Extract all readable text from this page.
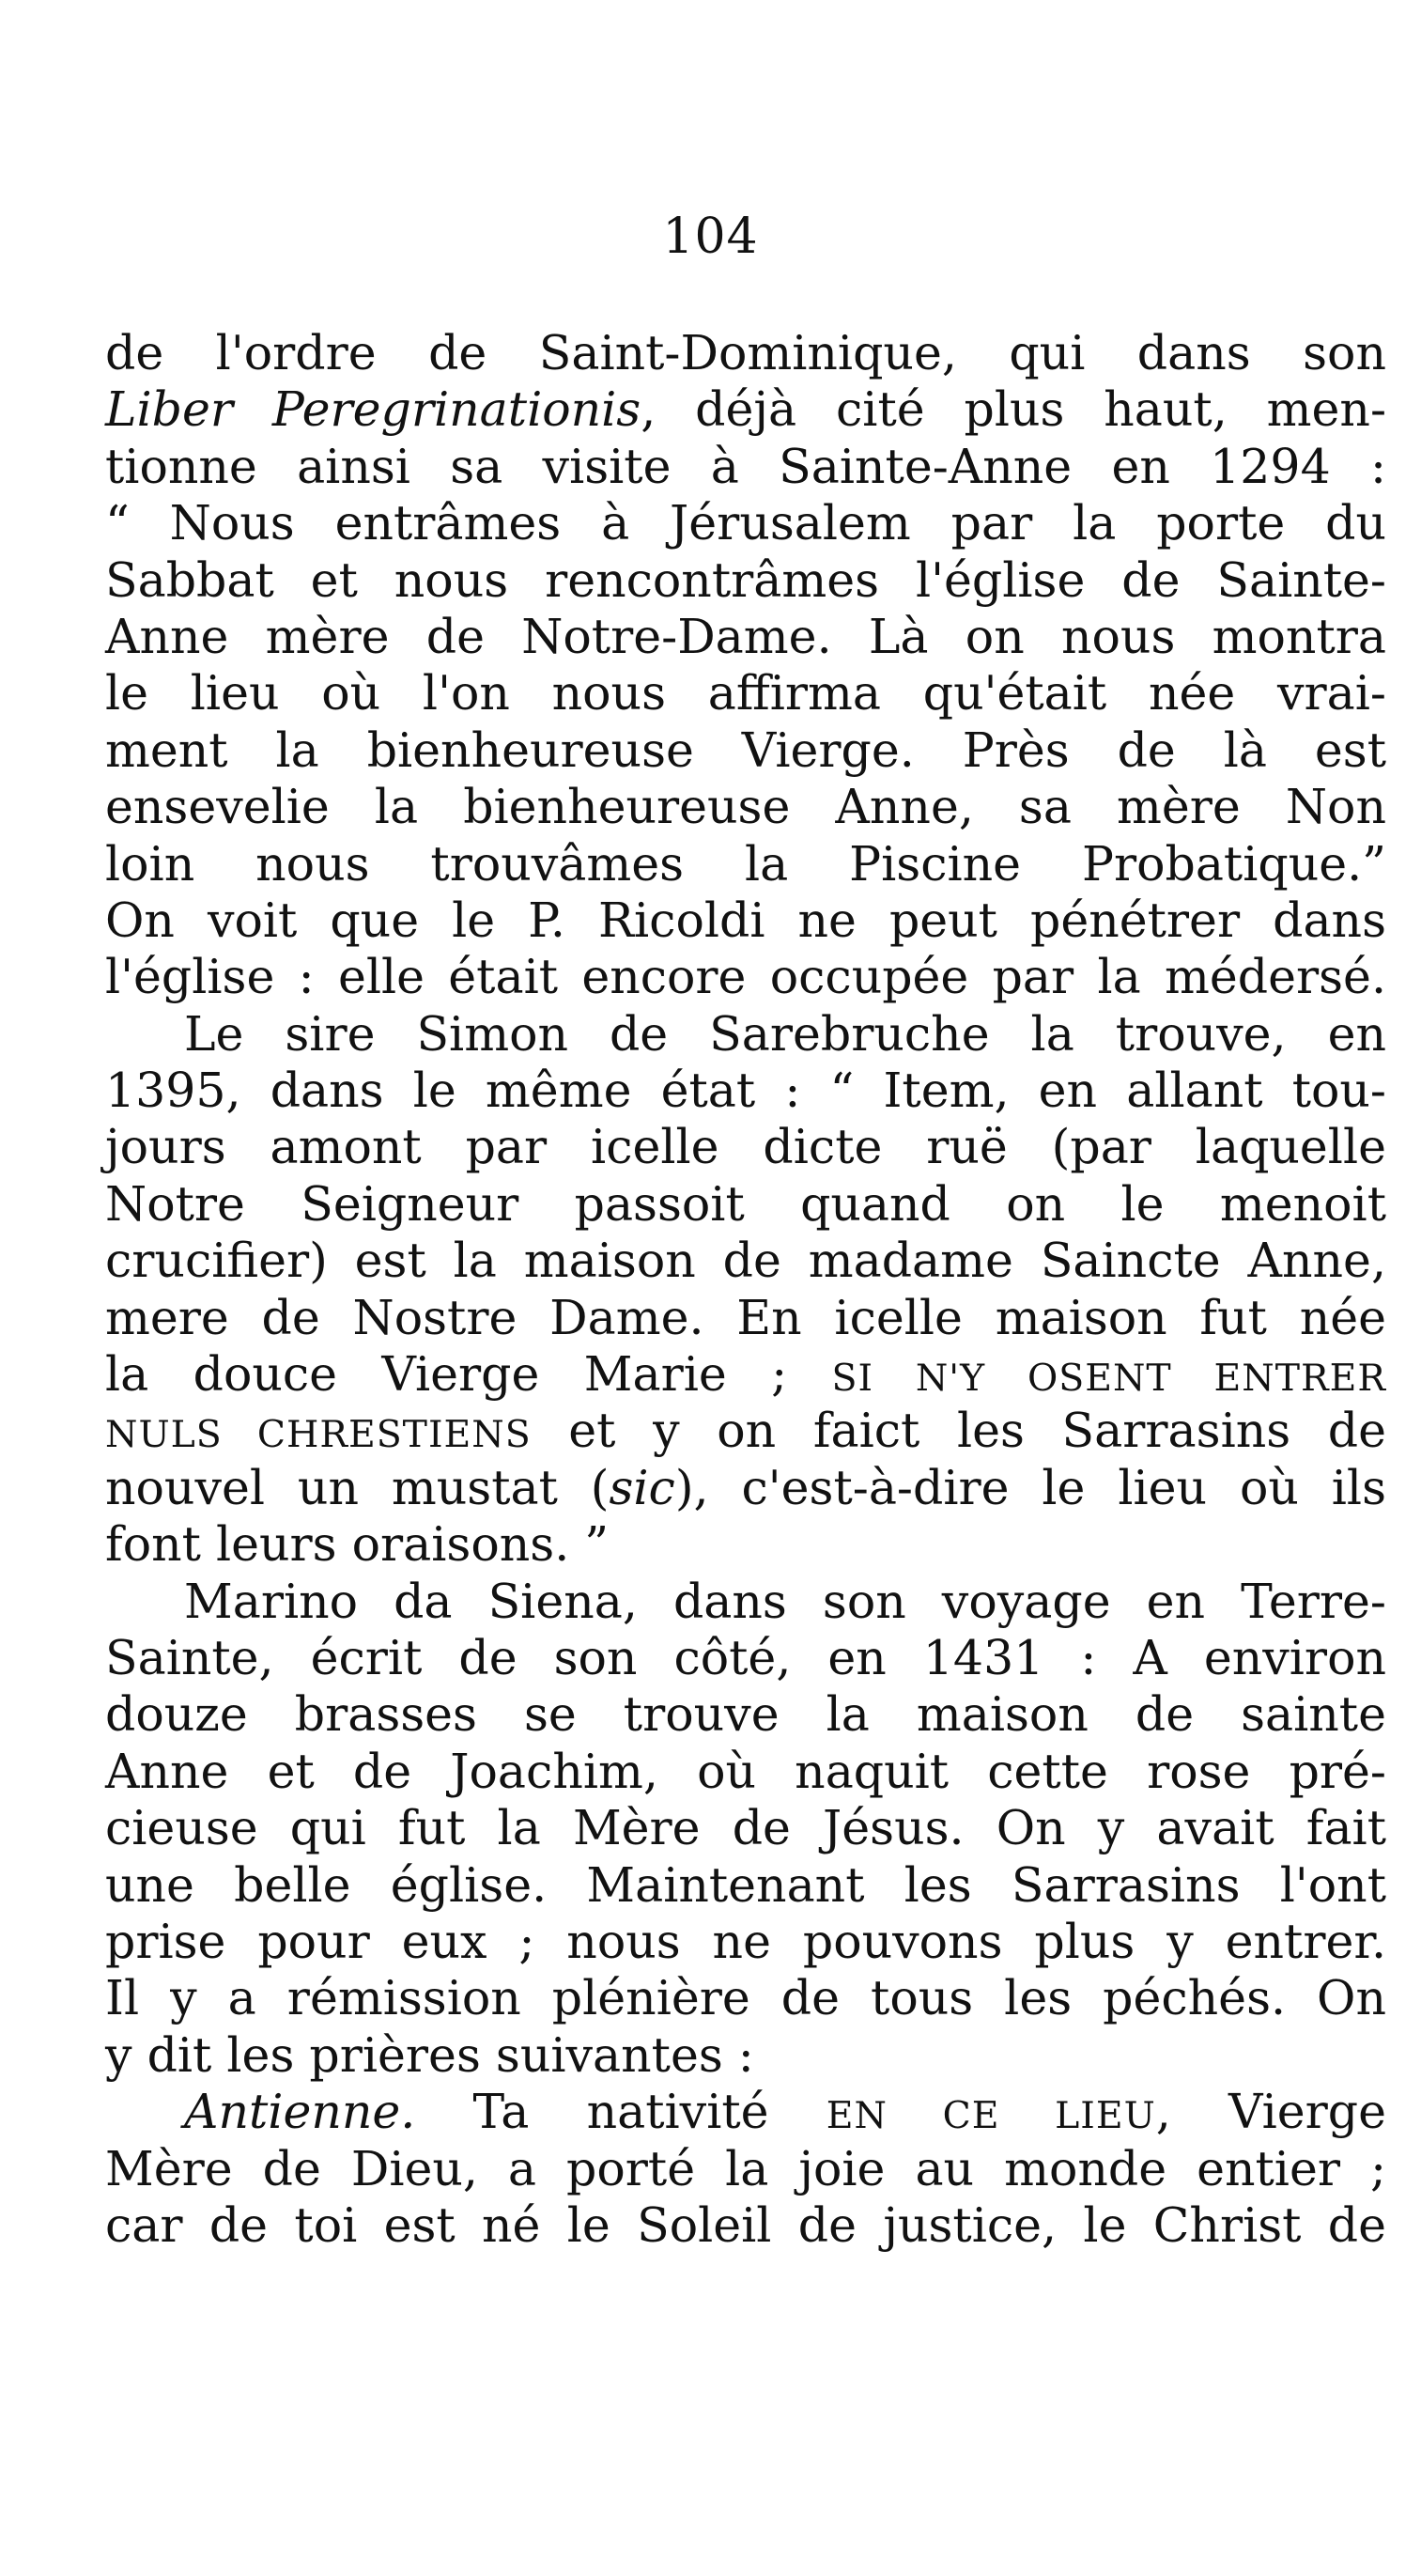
104
de l'ordre de Saint-Dominique, qui dans son
Liber Peregrinationis, déjà cité plus haut, men-
tionne ainsi sa visite à Sainte-Anne en 1294 :
“ Nous entrâmes à Jérusalem par la porte du
Sabbat et nous rencontrâmes l'église de Sainte-
Anne mère de Notre-Dame. Là on nous montra
le lieu où l'on nous affirma qu'était née vrai-
ment la bienheureuse Vierge. Près de là est
ensevelie la bienheureuse Anne, sa mère Non
loin nous trouvâmes la Piscine Probatique.”
On voit que le P. Ricoldi ne peut pénétrer dans
l'église : elle était encore occupée par la médersé.
Le sire Simon de Sarebruche la trouve, en
1395, dans le même état : “ Item, en allant tou-
jours amont par icelle dicte ruë (par laquelle
Notre Seigneur passoit quand on le menoit
crucifier) est la maison de madame Saincte Anne,
mere de Nostre Dame. En icelle maison fut née
la douce Vierge Marie ; SI N'Y OSENT ENTRER
NULS CHRESTIENS et y on faict les Sarrasins de
nouvel un mustat (sic), c'est-à-dire le lieu où ils
font leurs oraisons. ”
Marino da Siena, dans son voyage en Terre-
Sainte, écrit de son côté, en 1431 : A environ
douze brasses se trouve la maison de sainte
Anne et de Joachim, où naquit cette rose pré-
cieuse qui fut la Mère de Jésus. On y avait fait
une belle église. Maintenant les Sarrasins l'ont
prise pour eux ; nous ne pouvons plus y entrer.
Il y a rémission plénière de tous les péchés. On
y dit les prières suivantes :
Antienne. Ta nativité EN CE LIEU, Vierge
Mère de Dieu, a porté la joie au monde entier ;
car de toi est né le Soleil de justice, le Christ de
